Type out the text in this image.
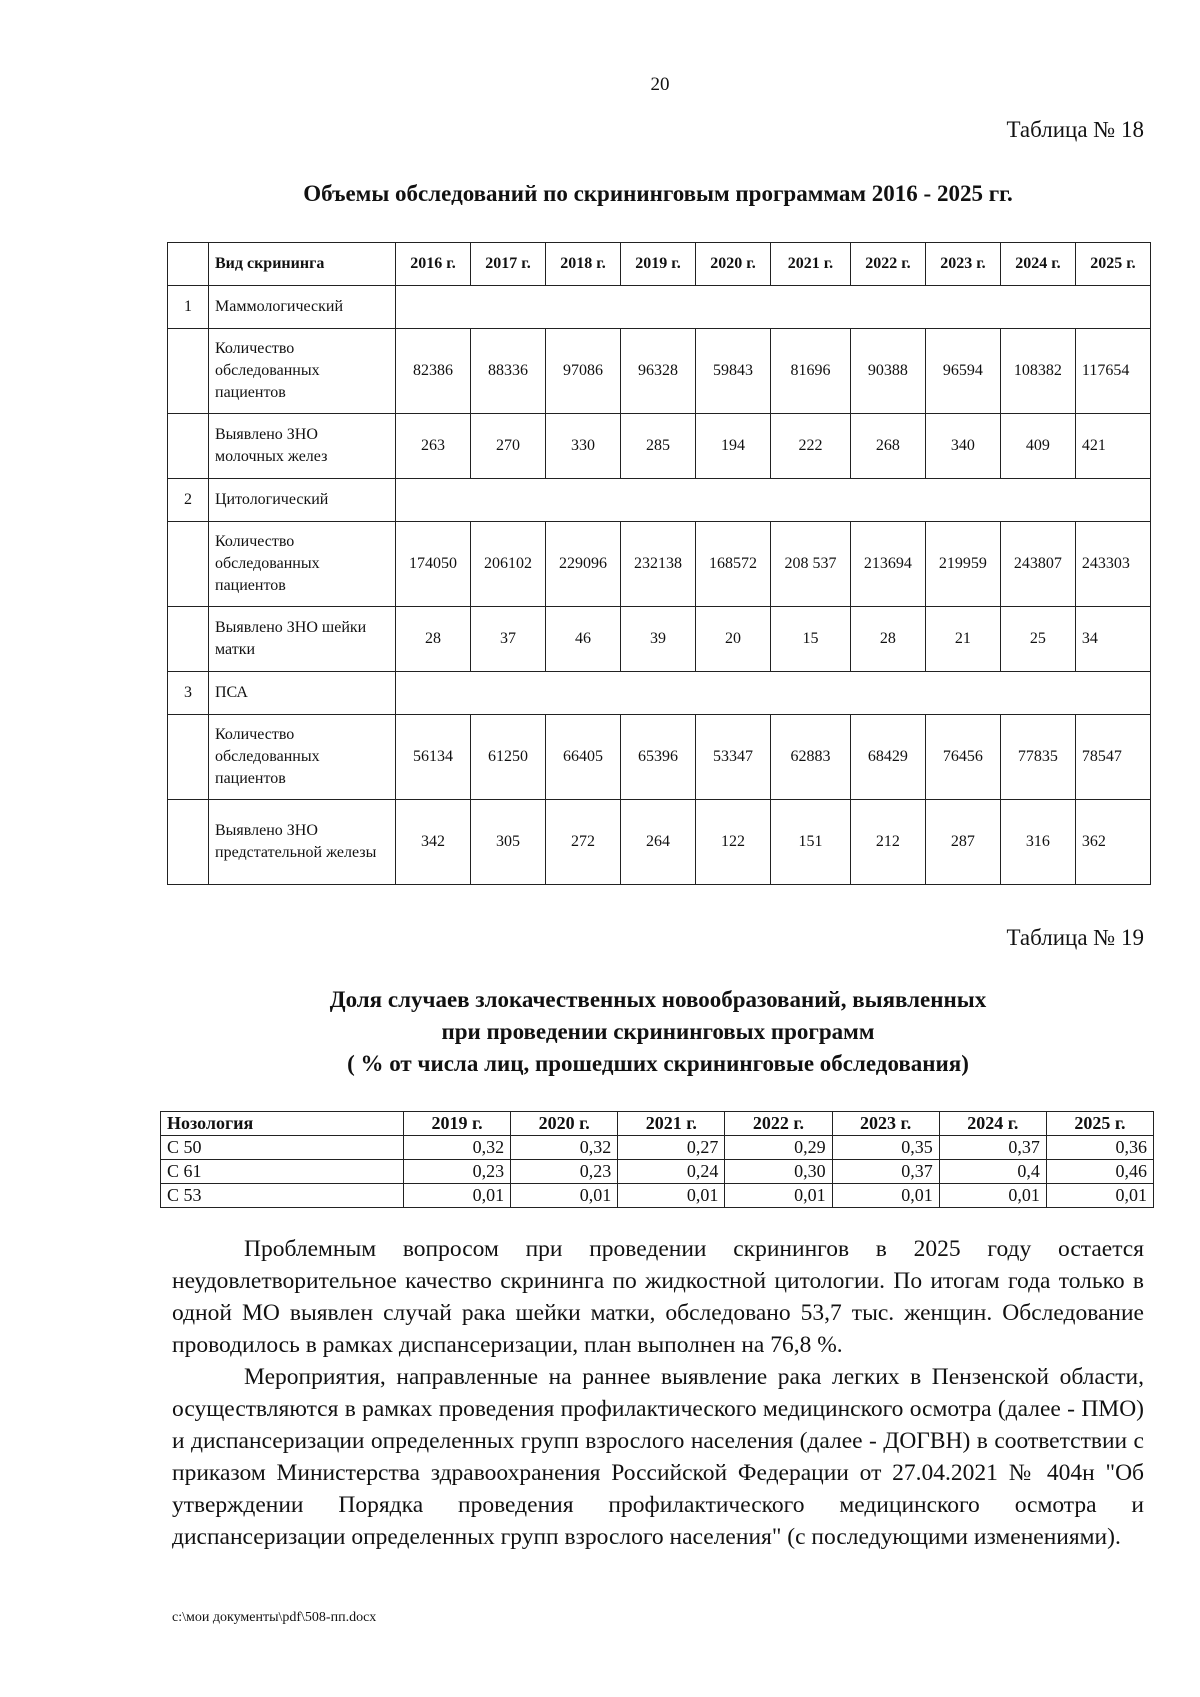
20
Таблица № 18
Объемы обследований по скрининговым программам 2016 - 2025 гг.
	Вид скрининга	2016 г.	2017 г.	2018 г.	2019 г.	2020 г.	2021 г.	2022 г.	2023 г.	2024 г.	2025 г.
1	Маммологический										
	Количество обследованных пациентов	82386	88336	97086	96328	59843	81696	90388	96594	108382	117654
	Выявлено ЗНО молочных желез	263	270	330	285	194	222	268	340	409	421
2	Цитологический										
	Количество обследованных пациентов	174050	206102	229096	232138	168572	208 537	213694	219959	243807	243303
	Выявлено ЗНО шейки матки	28	37	46	39	20	15	28	21	25	34
3	ПСА										
	Количество обследованных пациентов	56134	61250	66405	65396	53347	62883	68429	76456	77835	78547
	Выявлено ЗНО предстательной железы	342	305	272	264	122	151	212	287	316	362
Таблица № 19
Доля случаев злокачественных новообразований, выявленных
при проведении скрининговых программ
( % от числа лиц, прошедших скрининговые обследования)
Нозология	2019 г.	2020 г.	2021 г.	2022 г.	2023 г.	2024 г.	2025 г.
С 50	0,32	0,32	0,27	0,29	0,35	0,37	0,36
С 61	0,23	0,23	0,24	0,30	0,37	0,4	0,46
С 53	0,01	0,01	0,01	0,01	0,01	0,01	0,01
Проблемным вопросом при проведении скринингов в 2025 году остается неудовлетворительное качество скрининга по жидкостной цитологии. По итогам года только в одной МО выявлен случай рака шейки матки, обследовано 53,7 тыс. женщин. Обследование проводилось в рамках диспансеризации, план выполнен на 76,8 %.
Мероприятия, направленные на раннее выявление рака легких в Пензенской области, осуществляются в рамках проведения профилактического медицинского осмотра (далее - ПМО) и диспансеризации определенных групп взрослого населения (далее - ДОГВН) в соответствии с приказом Министерства здравоохранения Российской Федерации от 27.04.2021 № 404н "Об утверждении Порядка проведения профилактического медицинского осмотра и диспансеризации определенных групп взрослого населения" (с последующими изменениями).
c:\мои документы\pdf\508-пп.docx
